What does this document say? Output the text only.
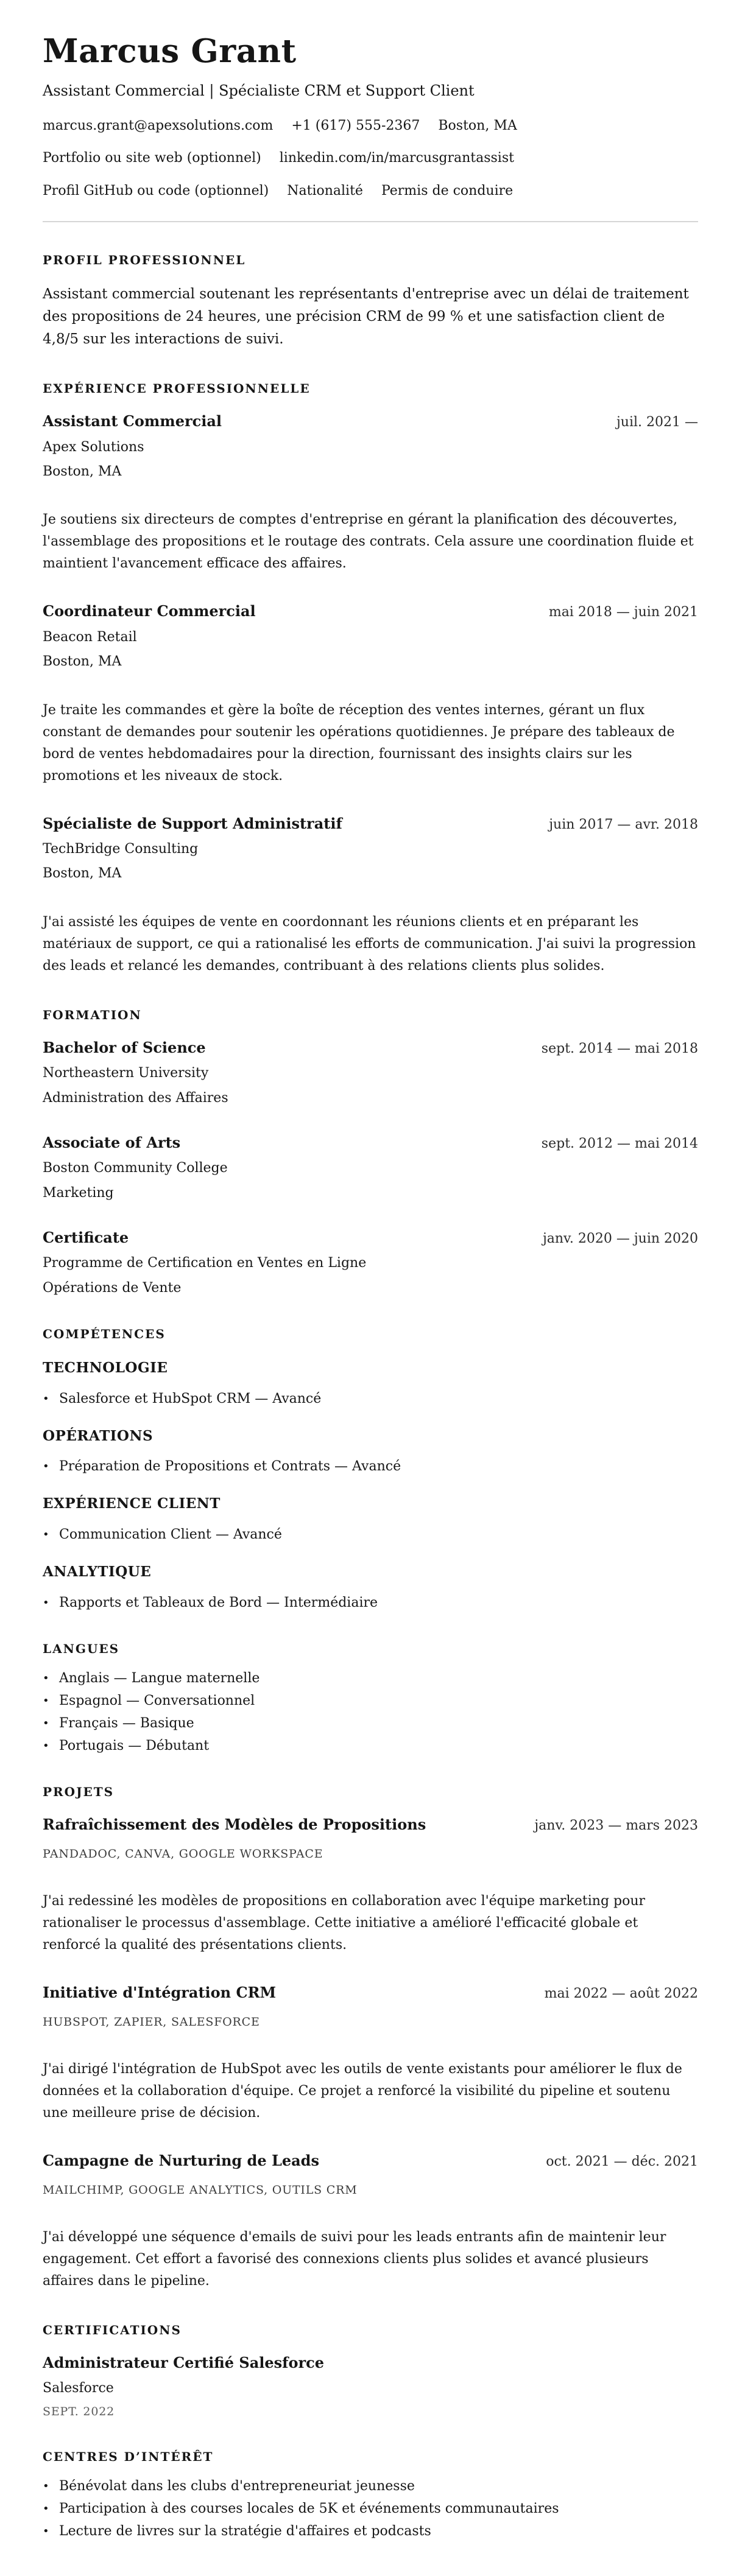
Marcus Grant
Assistant Commercial | Spécialiste CRM et Support Client
marcus.grant@apexsolutions.com +1 (617) 555-2367 Boston, MA
Portfolio ou site web (optionnel) linkedin.com/in/marcusgrantassist
Profil GitHub ou code (optionnel) Nationalité Permis de conduire
PROFIL PROFESSIONNEL

Assistant commercial soutenant les représentants d'entreprise avec un délai de traitement des propositions de 24 heures, une précision CRM de 99 % et une satisfaction client de 4,8/5 sur les interactions de suivi.

EXPÉRIENCE PROFESSIONNELLE
Assistant Commercial	juil. 2021 —
Apex Solutions
Boston, MA

Je soutiens six directeurs de comptes d'entreprise en gérant la planification des découvertes, l'assemblage des propositions et le routage des contrats. Cela assure une coordination fluide et maintient l'avancement efficace des affaires.

Coordinateur Commercial	mai 2018 — juin 2021
Beacon Retail
Boston, MA

Je traite les commandes et gère la boîte de réception des ventes internes, gérant un flux constant de demandes pour soutenir les opérations quotidiennes. Je prépare des tableaux de bord de ventes hebdomadaires pour la direction, fournissant des insights clairs sur les promotions et les niveaux de stock.

Spécialiste de Support Administratif	juin 2017 — avr. 2018
TechBridge Consulting
Boston, MA

J'ai assisté les équipes de vente en coordonnant les réunions clients et en préparant les matériaux de support, ce qui a rationalisé les efforts de communication. J'ai suivi la progression des leads et relancé les demandes, contribuant à des relations clients plus solides.

FORMATION
Bachelor of Science	sept. 2014 — mai 2018
Northeastern University
Administration des Affaires
Associate of Arts	sept. 2012 — mai 2014
Boston Community College
Marketing
Certificate	janv. 2020 — juin 2020
Programme de Certification en Ventes en Ligne
Opérations de Vente
COMPÉTENCES
TECHNOLOGIE
• Salesforce et HubSpot CRM — Avancé
OPÉRATIONS
• Préparation de Propositions et Contrats — Avancé
EXPÉRIENCE CLIENT
• Communication Client — Avancé
ANALYTIQUE
• Rapports et Tableaux de Bord — Intermédiaire
LANGUES
• Anglais — Langue maternelle
• Espagnol — Conversationnel
• Français — Basique
• Portugais — Débutant
PROJETS
Rafraîchissement des Modèles de Propositions	janv. 2023 — mars 2023
PANDADOC, CANVA, GOOGLE WORKSPACE

J'ai redessiné les modèles de propositions en collaboration avec l'équipe marketing pour rationaliser le processus d'assemblage. Cette initiative a amélioré l'efficacité globale et renforcé la qualité des présentations clients.

Initiative d'Intégration CRM	mai 2022 — août 2022
HUBSPOT, ZAPIER, SALESFORCE

J'ai dirigé l'intégration de HubSpot avec les outils de vente existants pour améliorer le flux de données et la collaboration d'équipe. Ce projet a renforcé la visibilité du pipeline et soutenu une meilleure prise de décision.

Campagne de Nurturing de Leads	oct. 2021 — déc. 2021
MAILCHIMP, GOOGLE ANALYTICS, OUTILS CRM

J'ai développé une séquence d'emails de suivi pour les leads entrants afin de maintenir leur engagement. Cet effort a favorisé des connexions clients plus solides et avancé plusieurs affaires dans le pipeline.

CERTIFICATIONS
Administrateur Certifié Salesforce
Salesforce
SEPT. 2022
CENTRES D’INTÉRÊT
• Bénévolat dans les clubs d'entrepreneuriat jeunesse
• Participation à des courses locales de 5K et événements communautaires
• Lecture de livres sur la stratégie d'affaires et podcasts
